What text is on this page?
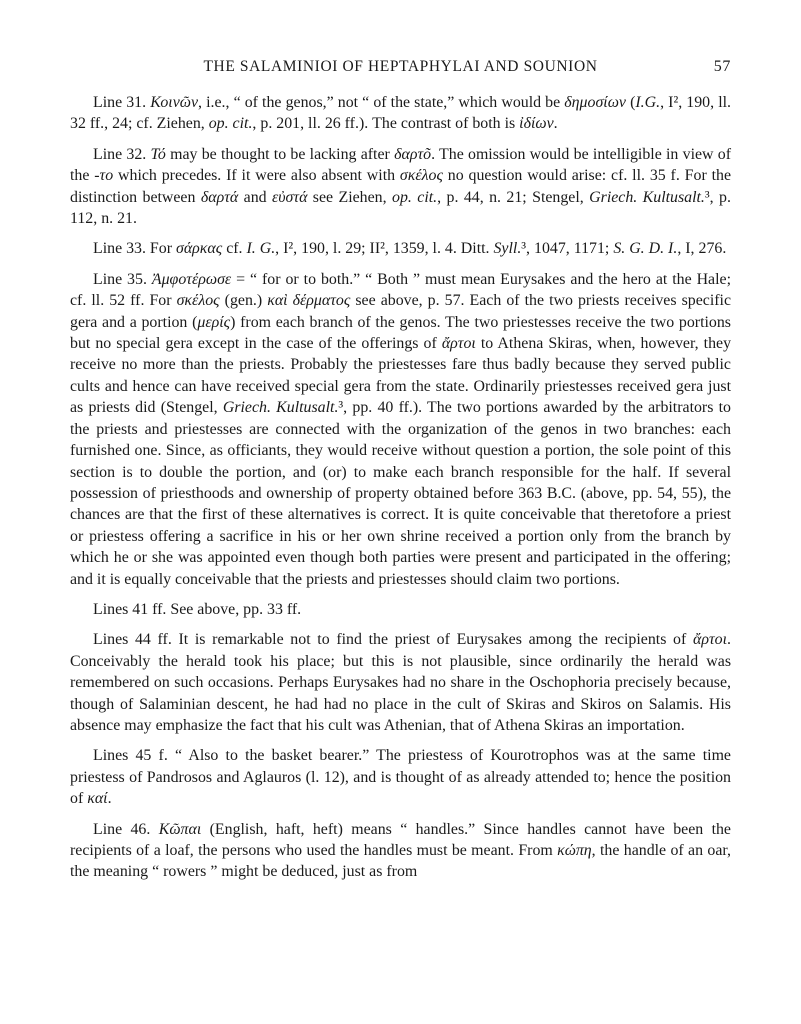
THE SALAMINIOI OF HEPTAPHYLAI AND SOUNION	57

Line 31. Κοινῶν, i.e., “ of the genos,” not “ of the state,” which would be δημοσίων (I.G., I², 190, ll. 32 ff., 24; cf. Ziehen, op. cit., p. 201, ll. 26 ff.). The contrast of both is ἰδίων.

Line 32. Τό may be thought to be lacking after δαρτõ. The omission would be intelligible in view of the -το which precedes. If it were also absent with σκέλος no question would arise: cf. ll. 35 f. For the distinction between δαρτά and εὐστά see Ziehen, op. cit., p. 44, n. 21; Stengel, Griech. Kultusalt.³, p. 112, n. 21.

Line 33. For σάρκας cf. I. G., I², 190, l. 29; II², 1359, l. 4. Ditt. Syll.³, 1047, 1171; S. G. D. I., I, 276.

Line 35. Ἀμφοτέρωσε = “ for or to both.” “ Both ” must mean Eurysakes and the hero at the Hale; cf. ll. 52 ff. For σκέλος (gen.) καὶ δέρματος see above, p. 57. Each of the two priests receives specific gera and a portion (μερίς) from each branch of the genos. The two priestesses receive the two portions but no special gera except in the case of the offerings of ἄρτοι to Athena Skiras, when, however, they receive no more than the priests. Probably the priestesses fare thus badly because they served public cults and hence can have received special gera from the state. Ordinarily priestesses received gera just as priests did (Stengel, Griech. Kultusalt.³, pp. 40 ff.). The two portions awarded by the arbitrators to the priests and priestesses are connected with the organization of the genos in two branches: each furnished one. Since, as officiants, they would receive without question a portion, the sole point of this section is to double the portion, and (or) to make each branch responsible for the half. If several possession of priesthoods and ownership of property obtained before 363 B.C. (above, pp. 54, 55), the chances are that the first of these alternatives is correct. It is quite conceivable that theretofore a priest or priestess offering a sacrifice in his or her own shrine received a portion only from the branch by which he or she was appointed even though both parties were present and participated in the offering; and it is equally conceivable that the priests and priestesses should claim two portions.

Lines 41 ff. See above, pp. 33 ff.

Lines 44 ff. It is remarkable not to find the priest of Eurysakes among the recipients of ἄρτοι. Conceivably the herald took his place; but this is not plausible, since ordinarily the herald was remembered on such occasions. Perhaps Eurysakes had no share in the Oschophoria precisely because, though of Salaminian descent, he had had no place in the cult of Skiras and Skiros on Salamis. His absence may emphasize the fact that his cult was Athenian, that of Athena Skiras an importation.

Lines 45 f. “ Also to the basket bearer.” The priestess of Kourotrophos was at the same time priestess of Pandrosos and Aglauros (l. 12), and is thought of as already attended to; hence the position of καί.

Line 46. Κῶπαι (English, haft, heft) means “ handles.” Since handles cannot have been the recipients of a loaf, the persons who used the handles must be meant. From κώπη, the handle of an oar, the meaning “ rowers ” might be deduced, just as from
